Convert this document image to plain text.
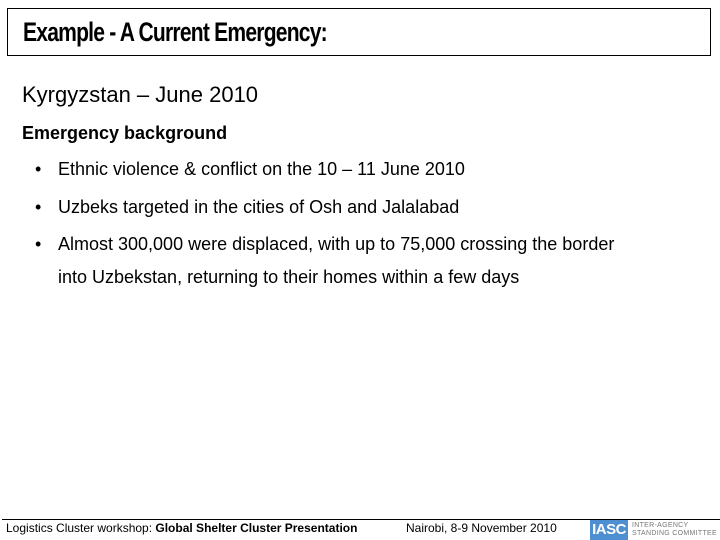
Example - A Current Emergency:
Kyrgyzstan – June 2010
Emergency background
• Ethnic violence & conflict on the 10 – 11 June 2010
• Uzbeks targeted in the cities of Osh and Jalalabad
• Almost 300,000 were displaced, with up to 75,000 crossing the border
into Uzbekstan, returning to their homes within a few days
Logistics Cluster workshop: Global Shelter Cluster Presentation	Nairobi, 8-9 November 2010 IASC INTER-AGENCY
STANDING COMMITTEE
